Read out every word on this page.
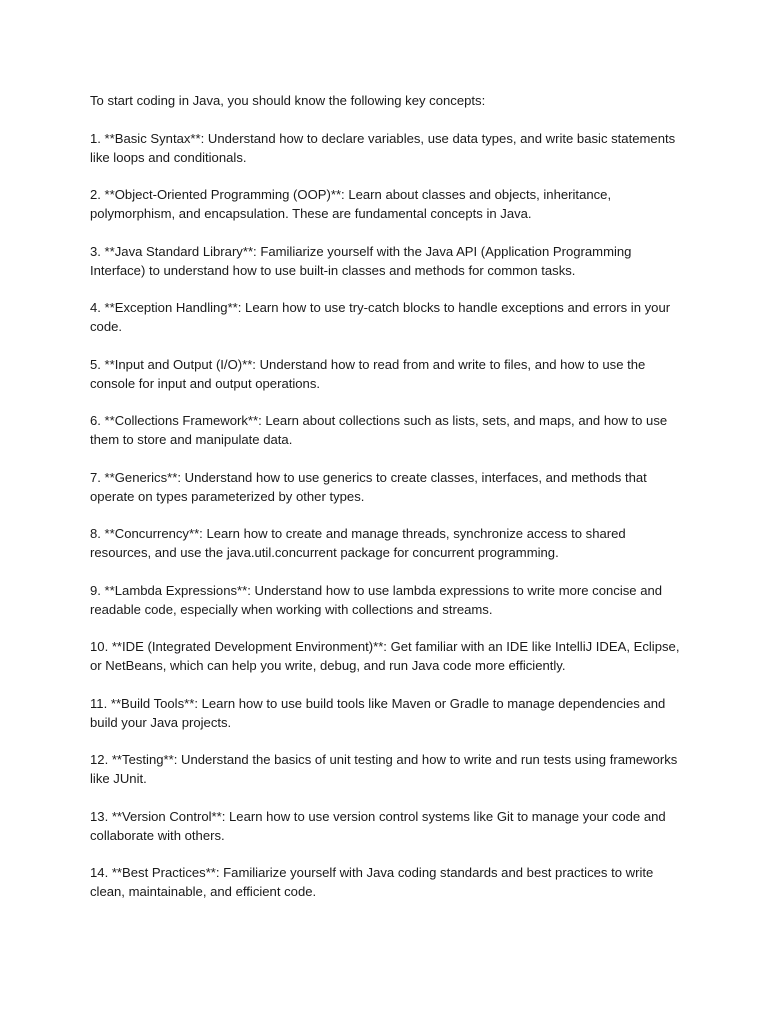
To start coding in Java, you should know the following key concepts:

1. **Basic Syntax**: Understand how to declare variables, use data types, and write basic statements like loops and conditionals.

2. **Object-Oriented Programming (OOP)**: Learn about classes and objects, inheritance, polymorphism, and encapsulation. These are fundamental concepts in Java.

3. **Java Standard Library**: Familiarize yourself with the Java API (Application Programming Interface) to understand how to use built-in classes and methods for common tasks.

4. **Exception Handling**: Learn how to use try-catch blocks to handle exceptions and errors in your code.

5. **Input and Output (I/O)**: Understand how to read from and write to files, and how to use the console for input and output operations.

6. **Collections Framework**: Learn about collections such as lists, sets, and maps, and how to use them to store and manipulate data.

7. **Generics**: Understand how to use generics to create classes, interfaces, and methods that operate on types parameterized by other types.

8. **Concurrency**: Learn how to create and manage threads, synchronize access to shared resources, and use the java.util.concurrent package for concurrent programming.

9. **Lambda Expressions**: Understand how to use lambda expressions to write more concise and readable code, especially when working with collections and streams.

10. **IDE (Integrated Development Environment)**: Get familiar with an IDE like IntelliJ IDEA, Eclipse, or NetBeans, which can help you write, debug, and run Java code more efficiently.

11. **Build Tools**: Learn how to use build tools like Maven or Gradle to manage dependencies and build your Java projects.

12. **Testing**: Understand the basics of unit testing and how to write and run tests using frameworks like JUnit.

13. **Version Control**: Learn how to use version control systems like Git to manage your code and collaborate with others.

14. **Best Practices**: Familiarize yourself with Java coding standards and best practices to write clean, maintainable, and efficient code.
